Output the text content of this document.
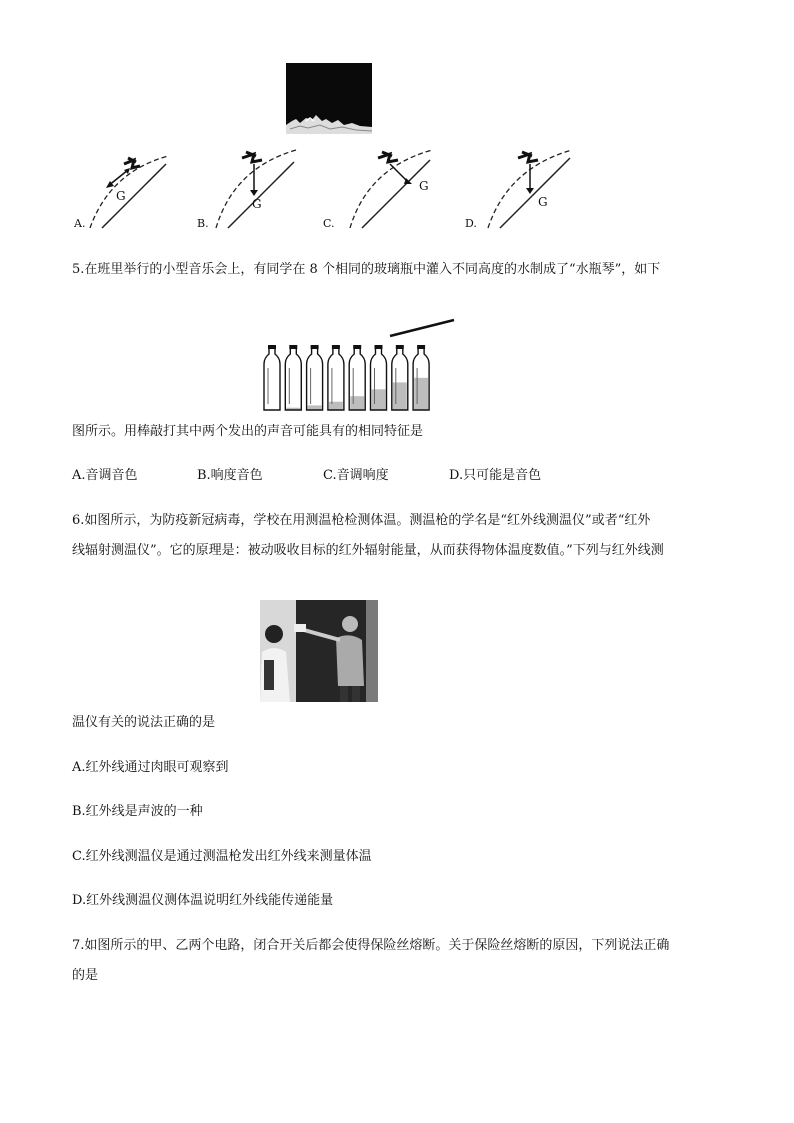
G
A.
G
B.
G
C.
G
D.
5.在班里举行的小型音乐会上，有同学在 8 个相同的玻璃瓶中灌入不同高度的水制成了“水瓶琴”，如下
图所示。用棒敲打其中两个发出的声音可能具有的相同特征是
A.音调音色	B.响度音色	C.音调响度	D.只可能是音色
6.如图所示，为防疫新冠病毒，学校在用测温枪检测体温。测温枪的学名是“红外线测温仪”或者“红外
线辐射测温仪”。它的原理是：被动吸收目标的红外辐射能量，从而获得物体温度数值。”下列与红外线测
温仪有关的说法正确的是
A.红外线通过肉眼可观察到
B.红外线是声波的一种
C.红外线测温仪是通过测温枪发出红外线来测量体温
D.红外线测温仪测体温说明红外线能传递能量
7.如图所示的甲、乙两个电路，闭合开关后都会使得保险丝熔断。关于保险丝熔断的原因，下列说法正确
的是
